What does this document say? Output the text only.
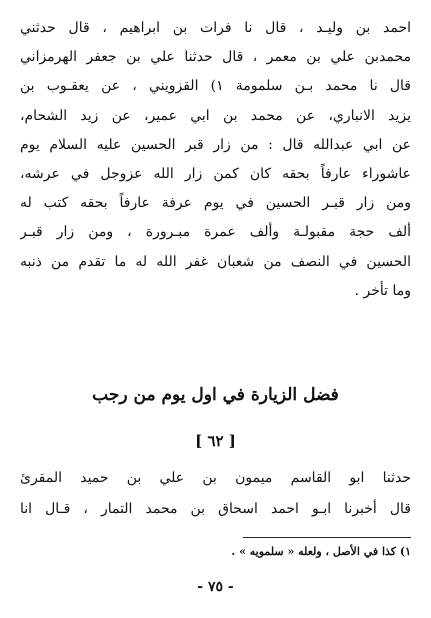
احمد بن وليـد ، قال نا فرات بن ابراهيم ، قال حدثني
محمدبن علي بن معمر ، قال حدثنا علي بن جعفر الهرمزاني
قال نا محمد بـن سلمومة ١) القزويني ، عن يعقـوب بن
يزيد الانباري، عن محمد بن ابي عمير، عن زيد الشحام،
عن ابي عبدالله قال : من زار قبر الحسين عليه السلام يوم
عاشوراء عارفاً بحقه كان كمن زار الله عزوجل في عرشه،
ومن زار قبـر الحسين في يوم عرفة عارفاً بحقه كتب له
ألف حجة مقبولـة وألف عمرة مبـرورة ، ومن زار قبـر
الحسين في النصف من شعبان غفر الله له ما تقدم من ذنبه
وما تأخر .
فضل الزيارة في اول يوم من رجب
[ ٦٢ ]
حدثنا ابو القاسم ميمون بن علي بن حميد المقرئ
قال أخبرنا ابـو احمد اسحاق بن محمد التمار ، قـال انا
١) كذا في الأصل ، ولعله « سلمويه » .
- ٧٥ -
